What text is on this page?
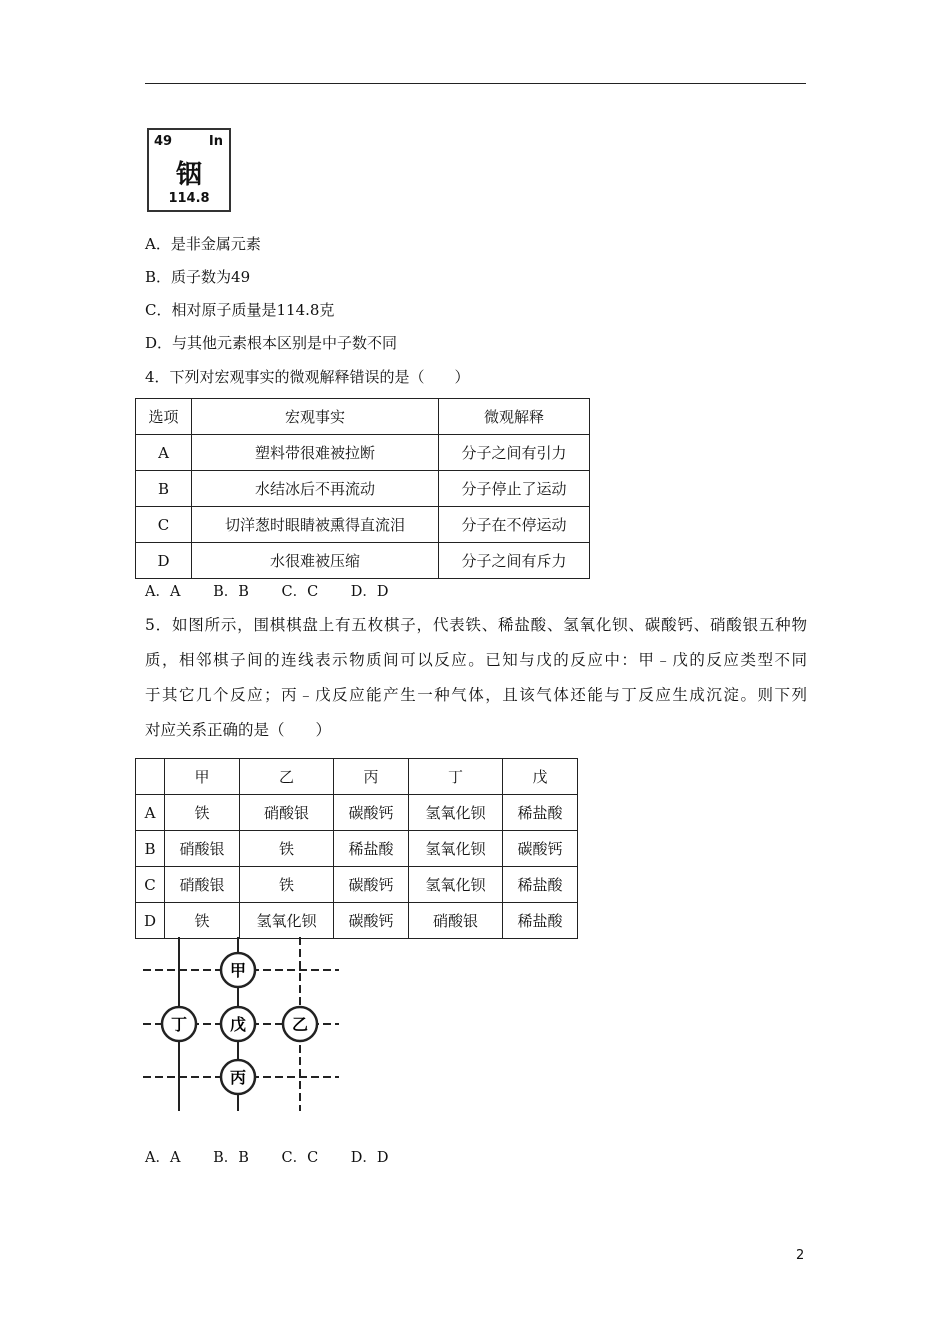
49	In
铟
114.8
A．是非金属元素
B．质子数为49
C．相对原子质量是114.8克
D．与其他元素根本区别是中子数不同
4．下列对宏观事实的微观解释错误的是（　　）
选项	宏观事实	微观解释
A	塑料带很难被拉断	分子之间有引力
B	水结冰后不再流动	分子停止了运动
C	切洋葱时眼睛被熏得直流泪	分子在不停运动
D	水很难被压缩	分子之间有斥力
A．A B．B C．C D．D
5．如图所示，围棋棋盘上有五枚棋子，代表铁、稀盐酸、氢氧化钡、碳酸钙、硝酸银五种物
质，相邻棋子间的连线表示物质间可以反应。已知与戊的反应中：甲﹣戊的反应类型不同
于其它几个反应；丙﹣戊反应能产生一种气体，且该气体还能与丁反应生成沉淀。则下列
对应关系正确的是（　　）
	甲	乙	丙	丁	戊
A	铁	硝酸银	碳酸钙	氢氧化钡	稀盐酸
B	硝酸银	铁	稀盐酸	氢氧化钡	碳酸钙
C	硝酸银	铁	碳酸钙	氢氧化钡	稀盐酸
D	铁	氢氧化钡	碳酸钙	硝酸银	稀盐酸
甲
丁	戊	乙
丙
A．A B．B C．C D．D
2
